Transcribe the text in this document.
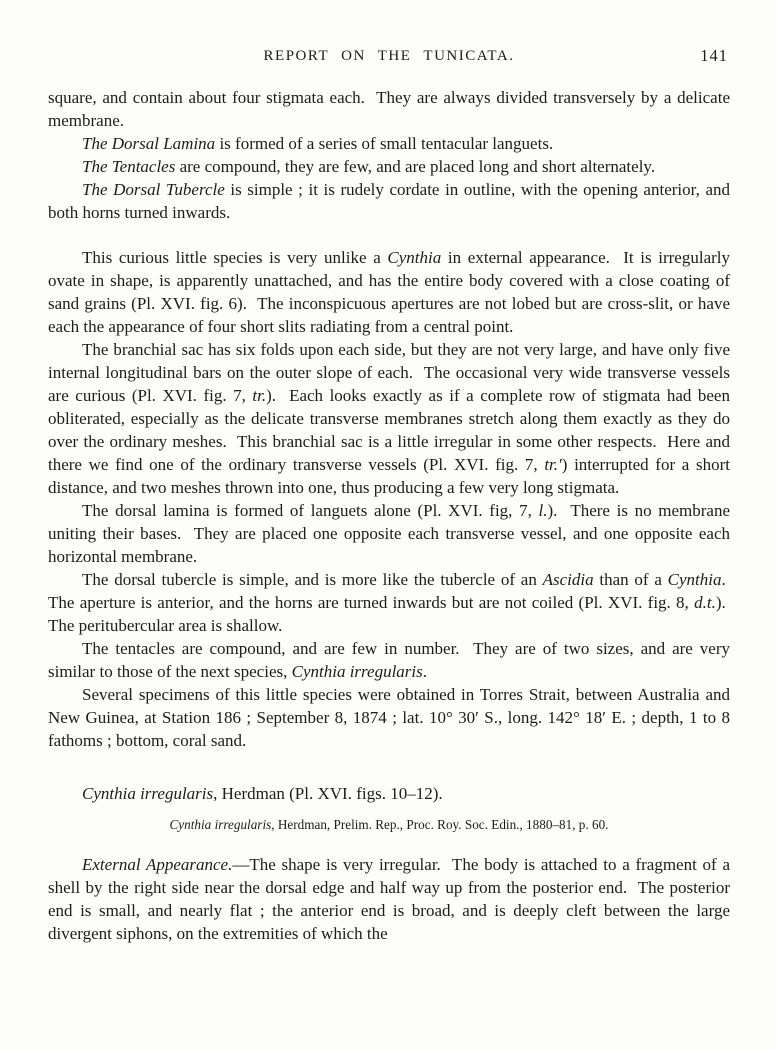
REPORT ON THE TUNICATA.	141

square, and contain about four stigmata each.  They are always divided transversely by a delicate membrane.

The Dorsal Lamina is formed of a series of small tentacular languets.

The Tentacles are compound, they are few, and are placed long and short alternately.

The Dorsal Tubercle is simple ; it is rudely cordate in outline, with the opening anterior, and both horns turned inwards.

This curious little species is very unlike a Cynthia in external appearance.  It is irregularly ovate in shape, is apparently unattached, and has the entire body covered with a close coating of sand grains (Pl. XVI. fig. 6).  The inconspicuous apertures are not lobed but are cross-slit, or have each the appearance of four short slits radiating from a central point.

The branchial sac has six folds upon each side, but they are not very large, and have only five internal longitudinal bars on the outer slope of each.  The occasional very wide transverse vessels are curious (Pl. XVI. fig. 7, tr.).  Each looks exactly as if a complete row of stigmata had been obliterated, especially as the delicate transverse membranes stretch along them exactly as they do over the ordinary meshes.  This branchial sac is a little irregular in some other respects.  Here and there we find one of the ordinary transverse vessels (Pl. XVI. fig. 7, tr.′) interrupted for a short distance, and two meshes thrown into one, thus producing a few very long stigmata.

The dorsal lamina is formed of languets alone (Pl. XVI. fig, 7, l.).  There is no membrane uniting their bases.  They are placed one opposite each transverse vessel, and one opposite each horizontal membrane.

The dorsal tubercle is simple, and is more like the tubercle of an Ascidia than of a Cynthia.  The aperture is anterior, and the horns are turned inwards but are not coiled (Pl. XVI. fig. 8, d.t.).  The peritubercular area is shallow.

The tentacles are compound, and are few in number.  They are of two sizes, and are very similar to those of the next species, Cynthia irregularis.

Several specimens of this little species were obtained in Torres Strait, between Australia and New Guinea, at Station 186 ; September 8, 1874 ; lat. 10° 30′ S., long. 142° 18′ E. ; depth, 1 to 8 fathoms ; bottom, coral sand.

Cynthia irregularis, Herdman (Pl. XVI. figs. 10–12).

Cynthia irregularis, Herdman, Prelim. Rep., Proc. Roy. Soc. Edin., 1880–81, p. 60.

External Appearance.—The shape is very irregular.  The body is attached to a fragment of a shell by the right side near the dorsal edge and half way up from the posterior end.  The posterior end is small, and nearly flat ; the anterior end is broad, and is deeply cleft between the large divergent siphons, on the extremities of which the
